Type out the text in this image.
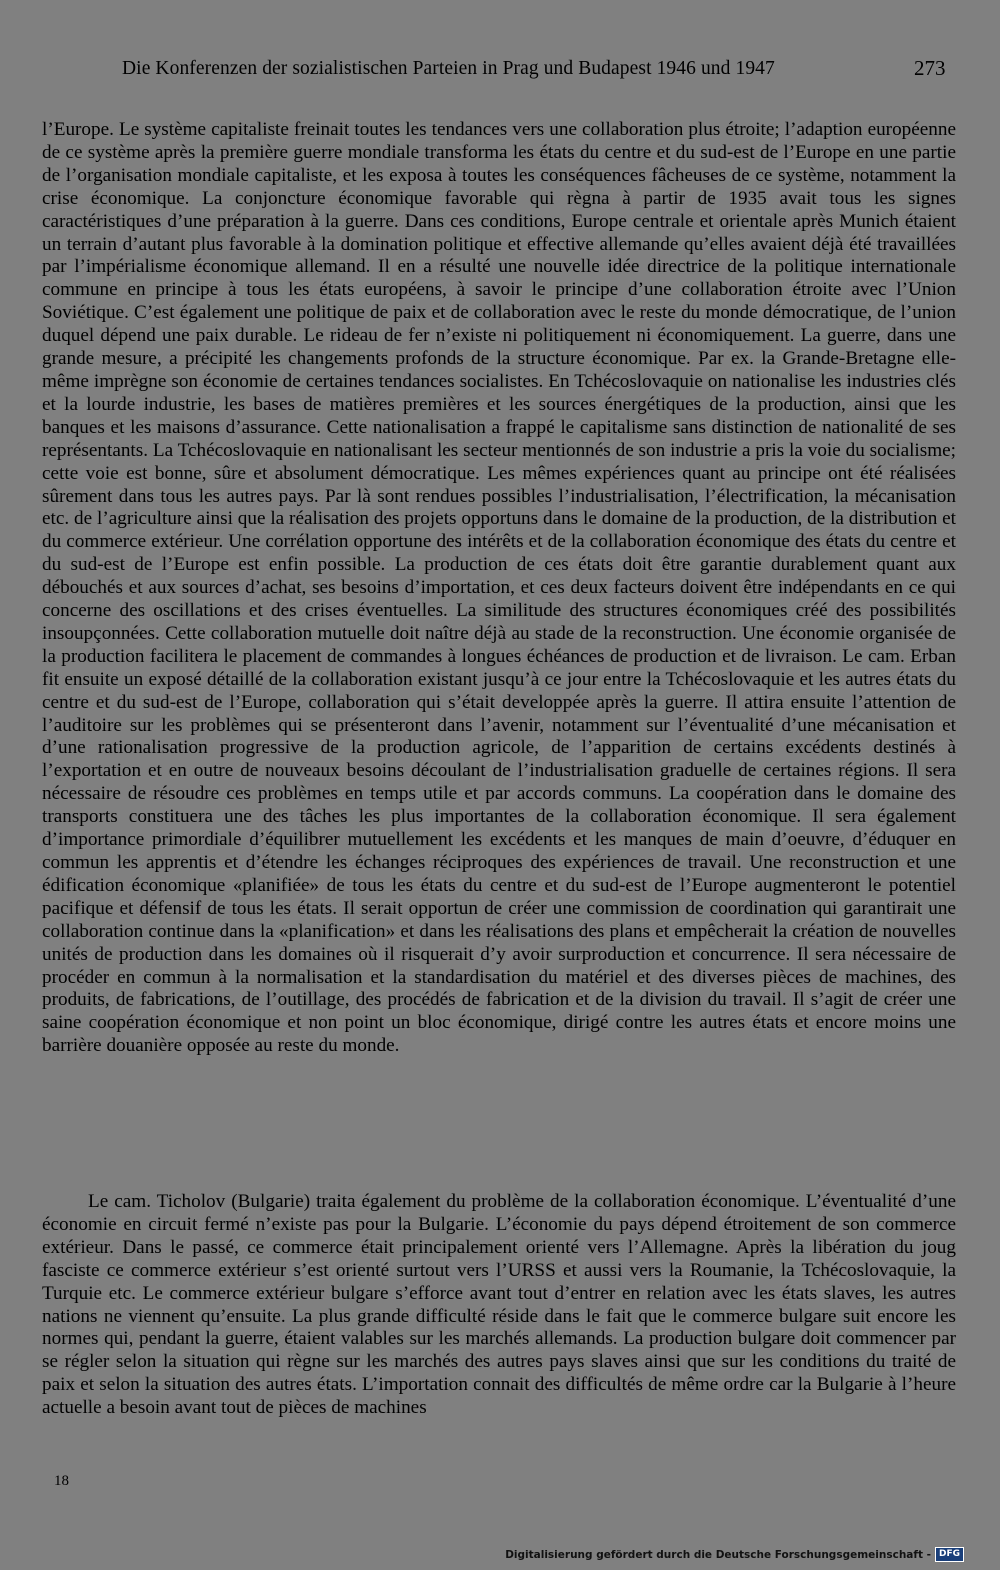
Die Konferenzen der sozialistischen Parteien in Prag und Budapest 1946 und 1947	273

l’Europe. Le système capitaliste freinait toutes les tendances vers une collaboration plus étroite; l’adaption européenne de ce système après la première guerre mondiale transforma les états du centre et du sud-est de l’Europe en une partie de l’organisation mondiale capitaliste, et les exposa à toutes les conséquences fâcheuses de ce système, notamment la crise économique. La conjoncture économique favorable qui règna à partir de 1935 avait tous les signes caractéristiques d’une préparation à la guerre. Dans ces conditions, Europe centrale et orientale après Munich étaient un terrain d’autant plus favorable à la domination politique et effective allemande qu’elles avaient déjà été travaillées par l’impérialisme économique allemand. Il en a résulté une nouvelle idée directrice de la politique internationale commune en principe à tous les états européens, à savoir le principe d’une collaboration étroite avec l’Union Soviétique. C’est également une politique de paix et de collaboration avec le reste du monde démocratique, de l’union duquel dépend une paix durable. Le rideau de fer n’existe ni politiquement ni économiquement. La guerre, dans une grande mesure, a précipité les changements profonds de la structure économique. Par ex. la Grande-Bretagne elle-même imprègne son économie de certaines tendances socialistes. En Tchécoslovaquie on nationalise les industries clés et la lourde industrie, les bases de matières premières et les sources énergétiques de la production, ainsi que les banques et les maisons d’assurance. Cette nationalisation a frappé le capitalisme sans distinction de nationalité de ses représentants. La Tchécoslovaquie en nationalisant les secteur mentionnés de son industrie a pris la voie du socialisme; cette voie est bonne, sûre et absolument démocratique. Les mêmes expériences quant au principe ont été réalisées sûrement dans tous les autres pays. Par là sont rendues possibles l’industrialisation, l’électrification, la mécanisation etc. de l’agriculture ainsi que la réalisation des projets opportuns dans le domaine de la production, de la distribution et du commerce extérieur. Une corrélation opportune des intérêts et de la collaboration économique des états du centre et du sud-est de l’Europe est enfin possible. La production de ces états doit être garantie durablement quant aux débouchés et aux sources d’achat, ses besoins d’importation, et ces deux facteurs doivent être indépendants en ce qui concerne des oscillations et des crises éventuelles. La similitude des structures économiques créé des possibilités insoupçonnées. Cette collaboration mutuelle doit naître déjà au stade de la reconstruction. Une économie organisée de la production facilitera le placement de commandes à longues échéances de production et de livraison. Le cam. Erban fit ensuite un exposé détaillé de la collaboration existant jusqu’à ce jour entre la Tchécoslovaquie et les autres états du centre et du sud-est de l’Europe, collaboration qui s’était developpée après la guerre. Il attira ensuite l’attention de l’auditoire sur les problèmes qui se présenteront dans l’avenir, notamment sur l’éventualité d’une mécanisation et d’une rationalisation progressive de la production agricole, de l’apparition de certains excédents destinés à l’exportation et en outre de nouveaux besoins découlant de l’industrialisation graduelle de certaines régions. Il sera nécessaire de résoudre ces problèmes en temps utile et par accords communs. La coopération dans le domaine des transports constituera une des tâches les plus importantes de la collaboration économique. Il sera également d’importance primordiale d’équilibrer mutuellement les excédents et les manques de main d’oeuvre, d’éduquer en commun les apprentis et d’étendre les échanges réciproques des expériences de travail. Une reconstruction et une édification économique «planifiée» de tous les états du centre et du sud-est de l’Europe augmenteront le potentiel pacifique et défensif de tous les états. Il serait opportun de créer une commission de coordination qui garantirait une collaboration continue dans la «planification» et dans les réalisations des plans et empêcherait la création de nouvelles unités de production dans les domaines où il risquerait d’y avoir surproduction et concurrence. Il sera nécessaire de procéder en commun à la normalisation et la standardisation du matériel et des diverses pièces de machines, des produits, de fabrications, de l’outillage, des procédés de fabrication et de la division du travail. Il s’agit de créer une saine coopération économique et non point un bloc économique, dirigé contre les autres états et encore moins une barrière douanière opposée au reste du monde.

Le cam. Ticholov (Bulgarie) traita également du problème de la collaboration économique. L’éventualité d’une économie en circuit fermé n’existe pas pour la Bulgarie. L’économie du pays dépend étroitement de son commerce extérieur. Dans le passé, ce commerce était principalement orienté vers l’Allemagne. Après la libération du joug fasciste ce commerce extérieur s’est orienté surtout vers l’URSS et aussi vers la Roumanie, la Tchécoslovaquie, la Turquie etc. Le commerce extérieur bulgare s’efforce avant tout d’entrer en relation avec les états slaves, les autres nations ne viennent qu’ensuite. La plus grande difficulté réside dans le fait que le commerce bulgare suit encore les normes qui, pendant la guerre, étaient valables sur les marchés allemands. La production bulgare doit commencer par se régler selon la situation qui règne sur les marchés des autres pays slaves ainsi que sur les conditions du traité de paix et selon la situation des autres états. L’importation connait des difficultés de même ordre car la Bulgarie à l’heure actuelle a besoin avant tout de pièces de machines

18
Digitalisierung gefördert durch die Deutsche Forschungsgemeinschaft - DFG
